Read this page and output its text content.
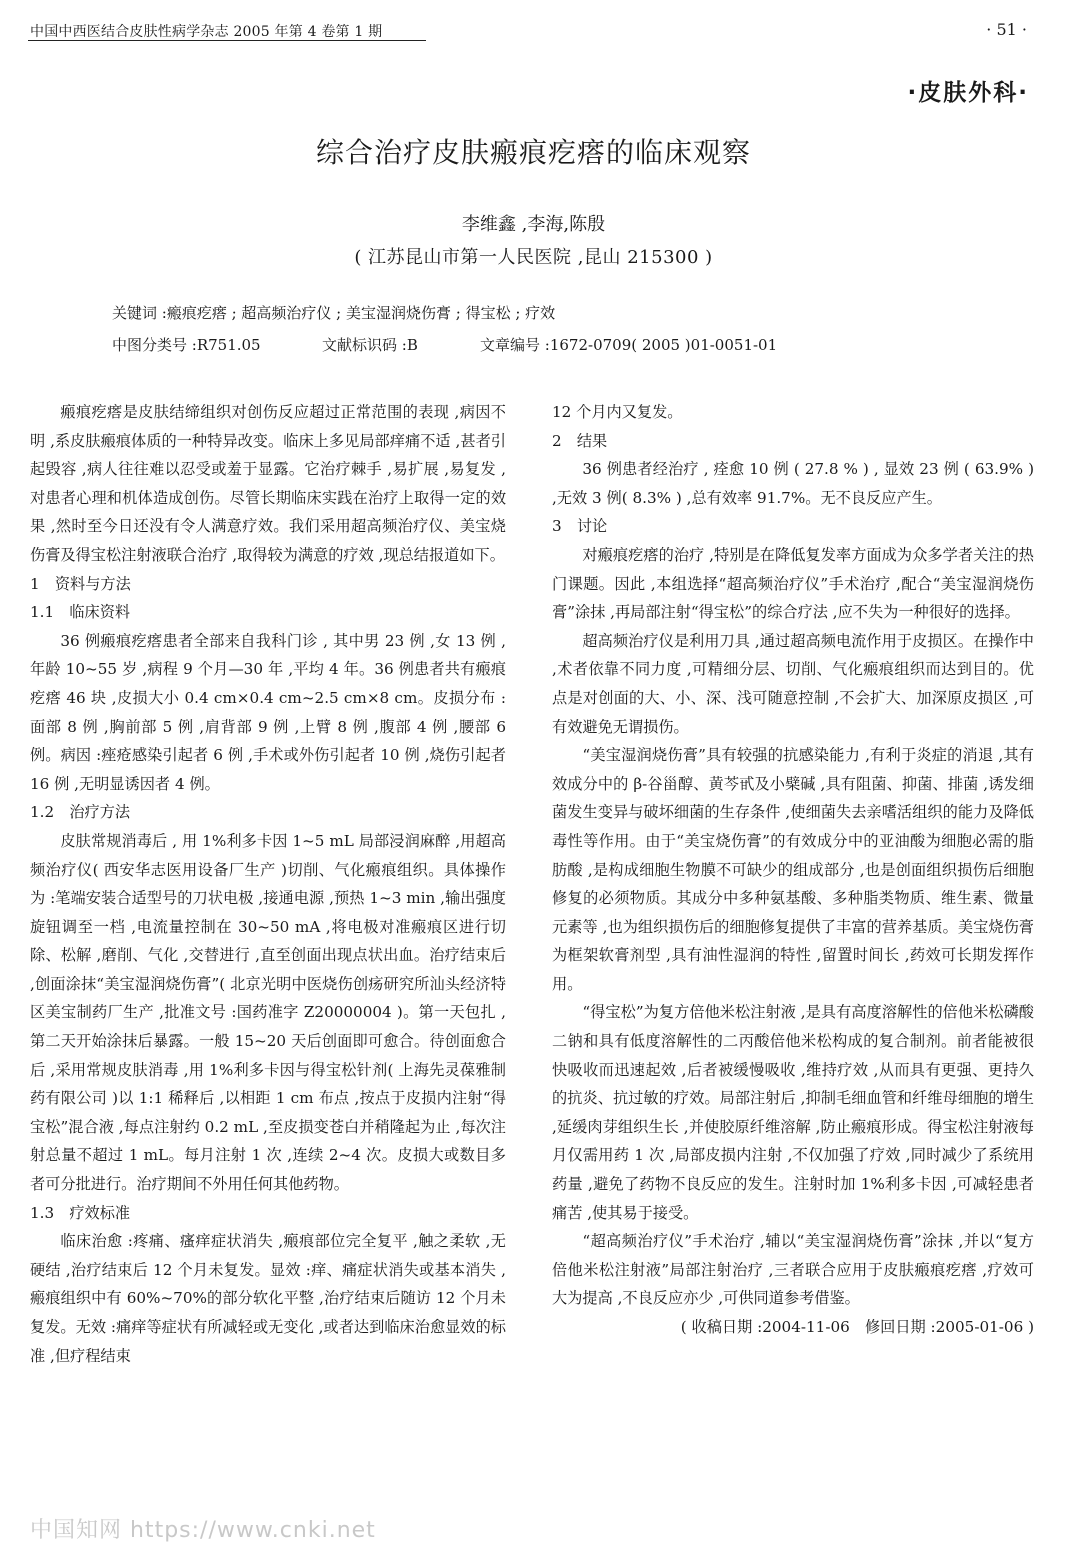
中国中西医结合皮肤性病学杂志 2005 年第 4 卷第 1 期	· 51 ·
·皮肤外科·
综合治疗皮肤瘢痕疙瘩的临床观察
李维鑫 ,李海,陈殷
( 江苏昆山市第一人民医院 ,昆山 215300 )
关键词 :瘢痕疙瘩 ; 超高频治疗仪 ; 美宝湿润烧伤膏 ; 得宝松 ; 疗效
中图分类号 :R751.05	文献标识码 :B	文章编号 :1672-0709( 2005 )01-0051-01

瘢痕疙瘩是皮肤结缔组织对创伤反应超过正常范围的表现 ,病因不明 ,系皮肤瘢痕体质的一种特异改变。临床上多见局部痒痛不适 ,甚者引起毁容 ,病人往往难以忍受或羞于显露。它治疗棘手 ,易扩展 ,易复发 ,对患者心理和机体造成创伤。尽管长期临床实践在治疗上取得一定的效果 ,然时至今日还没有令人满意疗效。我们采用超高频治疗仪、美宝烧伤膏及得宝松注射液联合治疗 ,取得较为满意的疗效 ,现总结报道如下。

1　资料与方法

1.1　临床资料

36 例瘢痕疙瘩患者全部来自我科门诊 , 其中男 23 例 ,女 13 例 ,年龄 10~55 岁 ,病程 9 个月—30 年 ,平均 4 年。36 例患者共有瘢痕疙瘩 46 块 ,皮损大小 0.4 cm×0.4 cm~2.5 cm×8 cm。皮损分布 :面部 8 例 ,胸前部 5 例 ,肩背部 9 例 ,上臂 8 例 ,腹部 4 例 ,腰部 6 例。病因 :痤疮感染引起者 6 例 ,手术或外伤引起者 10 例 ,烧伤引起者 16 例 ,无明显诱因者 4 例。

1.2　治疗方法

皮肤常规消毒后 , 用 1%利多卡因 1~5 mL 局部浸润麻醉 ,用超高频治疗仪( 西安华志医用设备厂生产 )切削、气化瘢痕组织。具体操作为 :笔端安装合适型号的刀状电极 ,接通电源 ,预热 1~3 min ,输出强度旋钮调至一档 ,电流量控制在 30~50 mA ,将电极对准瘢痕区进行切除、松解 ,磨削、气化 ,交替进行 ,直至创面出现点状出血。治疗结束后 ,创面涂抹“美宝湿润烧伤膏”( 北京光明中医烧伤创疡研究所汕头经济特区美宝制药厂生产 ,批准文号 :国药准字 Z20000004 )。第一天包扎 ,第二天开始涂抹后暴露。一般 15~20 天后创面即可愈合。待创面愈合后 ,采用常规皮肤消毒 ,用 1%利多卡因与得宝松针剂( 上海先灵葆雅制药有限公司 )以 1:1 稀释后 ,以相距 1 cm 布点 ,按点于皮损内注射“得宝松”混合液 ,每点注射约 0.2 mL ,至皮损变苍白并稍隆起为止 ,每次注射总量不超过 1 mL。每月注射 1 次 ,连续 2~4 次。皮损大或数目多者可分批进行。治疗期间不外用任何其他药物。

1.3　疗效标准

临床治愈 :疼痛、瘙痒症状消失 ,瘢痕部位完全复平 ,触之柔软 ,无硬结 ,治疗结束后 12 个月未复发。显效 :痒、痛症状消失或基本消失 , 瘢痕组织中有 60%~70%的部分软化平整 ,治疗结束后随访 12 个月未复发。无效 :痛痒等症状有所减轻或无变化 ,或者达到临床治愈显效的标准 ,但疗程结束

12 个月内又复发。

2　结果

36 例患者经治疗 , 痊愈 10 例 ( 27.8 % ) , 显效 23 例 ( 63.9% ) ,无效 3 例( 8.3% ) ,总有效率 91.7%。无不良反应产生。

3　讨论

对瘢痕疙瘩的治疗 ,特别是在降低复发率方面成为众多学者关注的热门课题。因此 ,本组选择“超高频治疗仪”手术治疗 ,配合“美宝湿润烧伤膏”涂抹 ,再局部注射“得宝松”的综合疗法 ,应不失为一种很好的选择。

超高频治疗仪是利用刀具 ,通过超高频电流作用于皮损区。在操作中 ,术者依靠不同力度 ,可精细分层、切削、气化瘢痕组织而达到目的。优点是对创面的大、小、深、浅可随意控制 ,不会扩大、加深原皮损区 ,可有效避免无谓损伤。

“美宝湿润烧伤膏”具有较强的抗感染能力 ,有利于炎症的消退 ,其有效成分中的 β-谷甾醇、黄芩甙及小檗碱 ,具有阻菌、抑菌、排菌 ,诱发细菌发生变异与破坏细菌的生存条件 ,使细菌失去亲嗜活组织的能力及降低毒性等作用。由于“美宝烧伤膏”的有效成分中的亚油酸为细胞必需的脂肪酸 ,是构成细胞生物膜不可缺少的组成部分 ,也是创面组织损伤后细胞修复的必须物质。其成分中多种氨基酸、多种脂类物质、维生素、微量元素等 ,也为组织损伤后的细胞修复提供了丰富的营养基质。美宝烧伤膏为框架软膏剂型 ,具有油性湿润的特性 ,留置时间长 ,药效可长期发挥作用。

“得宝松”为复方倍他米松注射液 ,是具有高度溶解性的倍他米松磷酸二钠和具有低度溶解性的二丙酸倍他米松构成的复合制剂。前者能被很快吸收而迅速起效 ,后者被缓慢吸收 ,维持疗效 ,从而具有更强、更持久的抗炎、抗过敏的疗效。局部注射后 ,抑制毛细血管和纤维母细胞的增生 ,延缓肉芽组织生长 ,并使胶原纤维溶解 ,防止瘢痕形成。得宝松注射液每月仅需用药 1 次 ,局部皮损内注射 ,不仅加强了疗效 ,同时减少了系统用药量 ,避免了药物不良反应的发生。注射时加 1%利多卡因 ,可减轻患者痛苦 ,使其易于接受。

“超高频治疗仪”手术治疗 ,辅以“美宝湿润烧伤膏”涂抹 ,并以“复方倍他米松注射液”局部注射治疗 ,三者联合应用于皮肤瘢痕疙瘩 ,疗效可大为提高 ,不良反应亦少 ,可供同道参考借鉴。

( 收稿日期 :2004-11-06　修回日期 :2005-01-06 )

中国知网 https://www.cnki.net
